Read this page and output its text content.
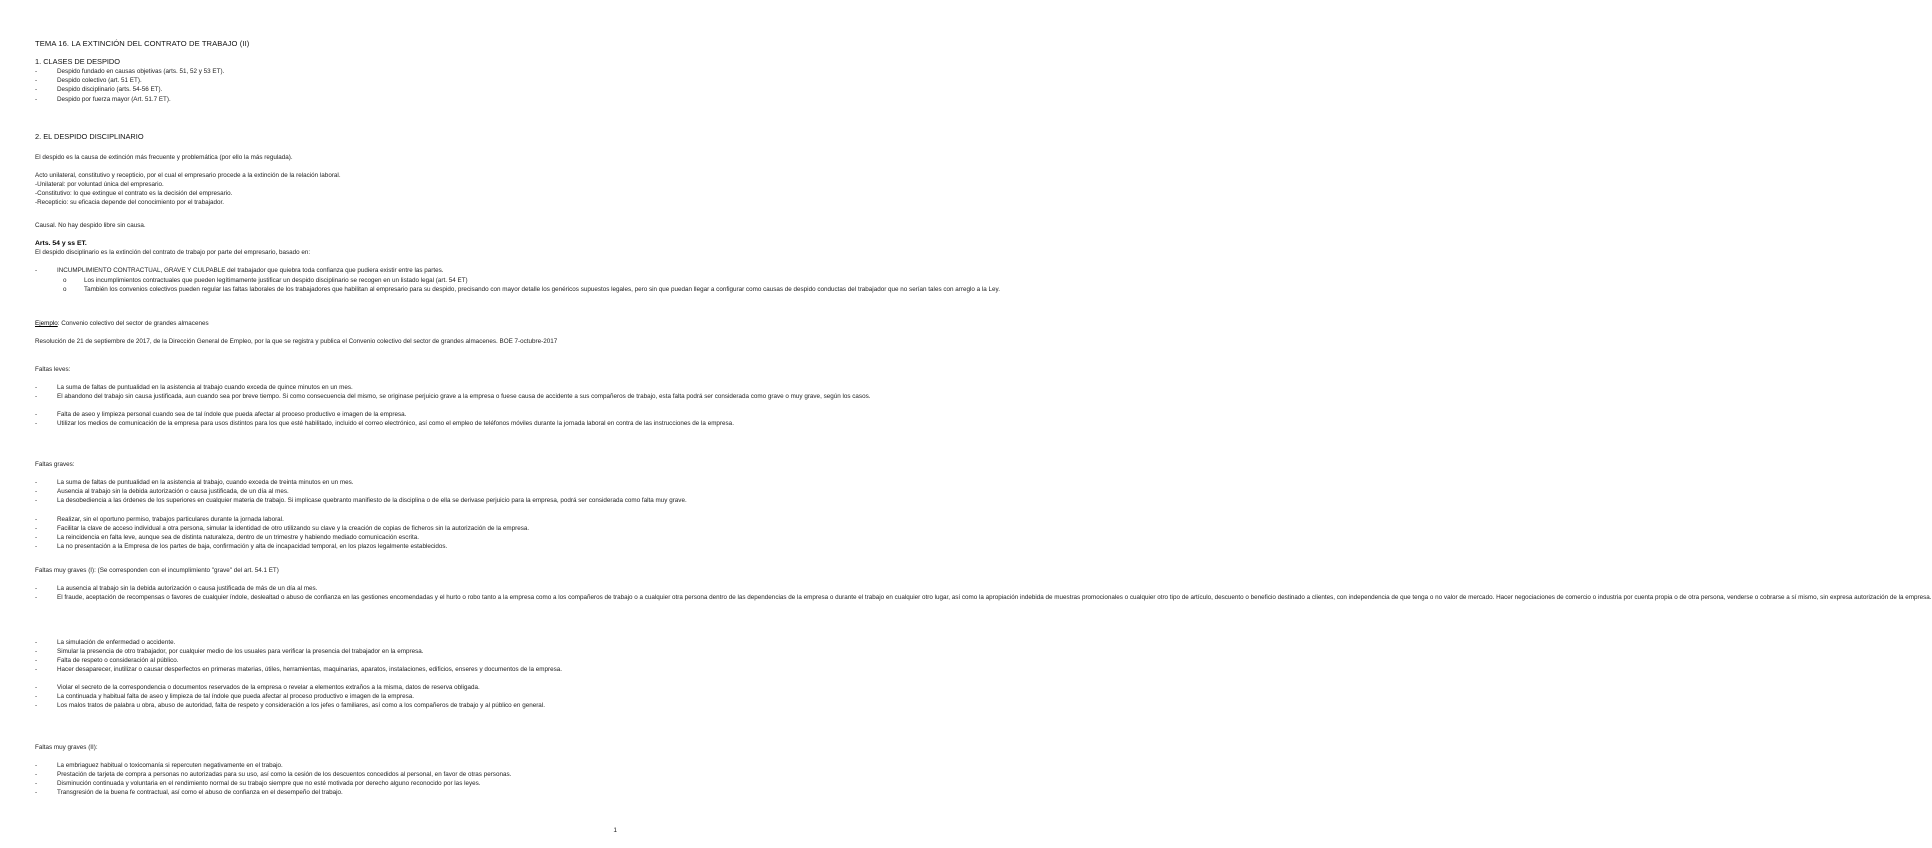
TEMA 16. LA EXTINCIÓN DEL CONTRATO DE TRABAJO (II)
1. CLASES DE DESPIDO
-	Despido fundado en causas objetivas (arts. 51, 52 y 53 ET).
-	Despido colectivo (art. 51 ET).
-	Despido disciplinario (arts. 54-56 ET).
-	Despido por fuerza mayor (Art. 51.7 ET).
2. EL DESPIDO DISCIPLINARIO
El despido es la causa de extinción más frecuente y problemática (por ello la más regulada).
Acto unilateral, constitutivo y recepticio, por el cual el empresario procede a la extinción de la relación laboral.
-Unilateral: por voluntad única del empresario.
-Constitutivo: lo que extingue el contrato es la decisión del empresario.
-Recepticio: su eficacia depende del conocimiento por el trabajador.
Causal. No hay despido libre sin causa.
Arts. 54 y ss ET.
El despido disciplinario es la extinción del contrato de trabajo por parte del empresario, basado en:
-	INCUMPLIMIENTO CONTRACTUAL, GRAVE Y CULPABLE del trabajador que quiebra toda confianza que pudiera existir entre las partes.
o	Los incumplimientos contractuales que pueden legítimamente justificar un despido disciplinario se recogen en un listado legal (art. 54 ET)
o	También los convenios colectivos pueden regular las faltas laborales de los trabajadores que habilitan al empresario para su despido, precisando con mayor detalle los genéricos supuestos legales, pero sin que puedan llegar a configurar como causas de despido conductas del trabajador que no serían tales con arreglo a la Ley.
Ejemplo: Convenio colectivo del sector de grandes almacenes
Resolución de 21 de septiembre de 2017, de la Dirección General de Empleo, por la que se registra y publica el Convenio colectivo del sector de grandes almacenes. BOE 7-octubre-2017
Faltas leves:
-	La suma de faltas de puntualidad en la asistencia al trabajo cuando exceda de quince minutos en un mes.
-	El abandono del trabajo sin causa justificada, aun cuando sea por breve tiempo. Si como consecuencia del mismo, se originase perjuicio grave a la empresa o fuese causa de accidente a sus compañeros de trabajo, esta falta podrá ser considerada como grave o muy grave, según los casos.
-	Falta de aseo y limpieza personal cuando sea de tal índole que pueda afectar al proceso productivo e imagen de la empresa.
-	Utilizar los medios de comunicación de la empresa para usos distintos para los que esté habilitado, incluido el correo electrónico, así como el empleo de teléfonos móviles durante la jornada laboral en contra de las instrucciones de la empresa.
Faltas graves:
-	La suma de faltas de puntualidad en la asistencia al trabajo, cuando exceda de treinta minutos en un mes.
-	Ausencia al trabajo sin la debida autorización o causa justificada, de un día al mes.
-	La desobediencia a las órdenes de los superiores en cualquier materia de trabajo. Si implicase quebranto manifiesto de la disciplina o de ella se derivase perjuicio para la empresa, podrá ser considerada como falta muy grave.
-	Realizar, sin el oportuno permiso, trabajos particulares durante la jornada laboral.
-	Facilitar la clave de acceso individual a otra persona, simular la identidad de otro utilizando su clave y la creación de copias de ficheros sin la autorización de la empresa.
-	La reincidencia en falta leve, aunque sea de distinta naturaleza, dentro de un trimestre y habiendo mediado comunicación escrita.
-	La no presentación a la Empresa de los partes de baja, confirmación y alta de incapacidad temporal, en los plazos legalmente establecidos.
Faltas muy graves (I): (Se corresponden con el incumplimiento "grave" del art. 54.1 ET)
-	La ausencia al trabajo sin la debida autorización o causa justificada de más de un día al mes.
-	El fraude, aceptación de recompensas o favores de cualquier índole, deslealtad o abuso de confianza en las gestiones encomendadas y el hurto o robo tanto a la empresa como a los compañeros de trabajo o a cualquier otra persona dentro de las dependencias de la empresa o durante el trabajo en cualquier otro lugar, así como la apropiación indebida de muestras promocionales o cualquier otro tipo de artículo, descuento o beneficio destinado a clientes, con independencia de que tenga o no valor de mercado. Hacer negociaciones de comercio o industria por cuenta propia o de otra persona, venderse o cobrarse a sí mismo, sin expresa autorización de la empresa.
-	La simulación de enfermedad o accidente.
-	Simular la presencia de otro trabajador, por cualquier medio de los usuales para verificar la presencia del trabajador en la empresa.
-	Falta de respeto o consideración al público.
-	Hacer desaparecer, inutilizar o causar desperfectos en primeras materias, útiles, herramientas, maquinarias, aparatos, instalaciones, edificios, enseres y documentos de la empresa.
-	Violar el secreto de la correspondencia o documentos reservados de la empresa o revelar a elementos extraños a la misma, datos de reserva obligada.
-	La continuada y habitual falta de aseo y limpieza de tal índole que pueda afectar al proceso productivo e imagen de la empresa.
-	Los malos tratos de palabra u obra, abuso de autoridad, falta de respeto y consideración a los jefes o familiares, así como a los compañeros de trabajo y al público en general.
Faltas muy graves (II):
-	La embriaguez habitual o toxicomanía si repercuten negativamente en el trabajo.
-	Prestación de tarjeta de compra a personas no autorizadas para su uso, así como la cesión de los descuentos concedidos al personal, en favor de otras personas.
-	Disminución continuada y voluntaria en el rendimiento normal de su trabajo siempre que no esté motivada por derecho alguno reconocido por las leyes.
-	Transgresión de la buena fe contractual, así como el abuso de confianza en el desempeño del trabajo.
1
